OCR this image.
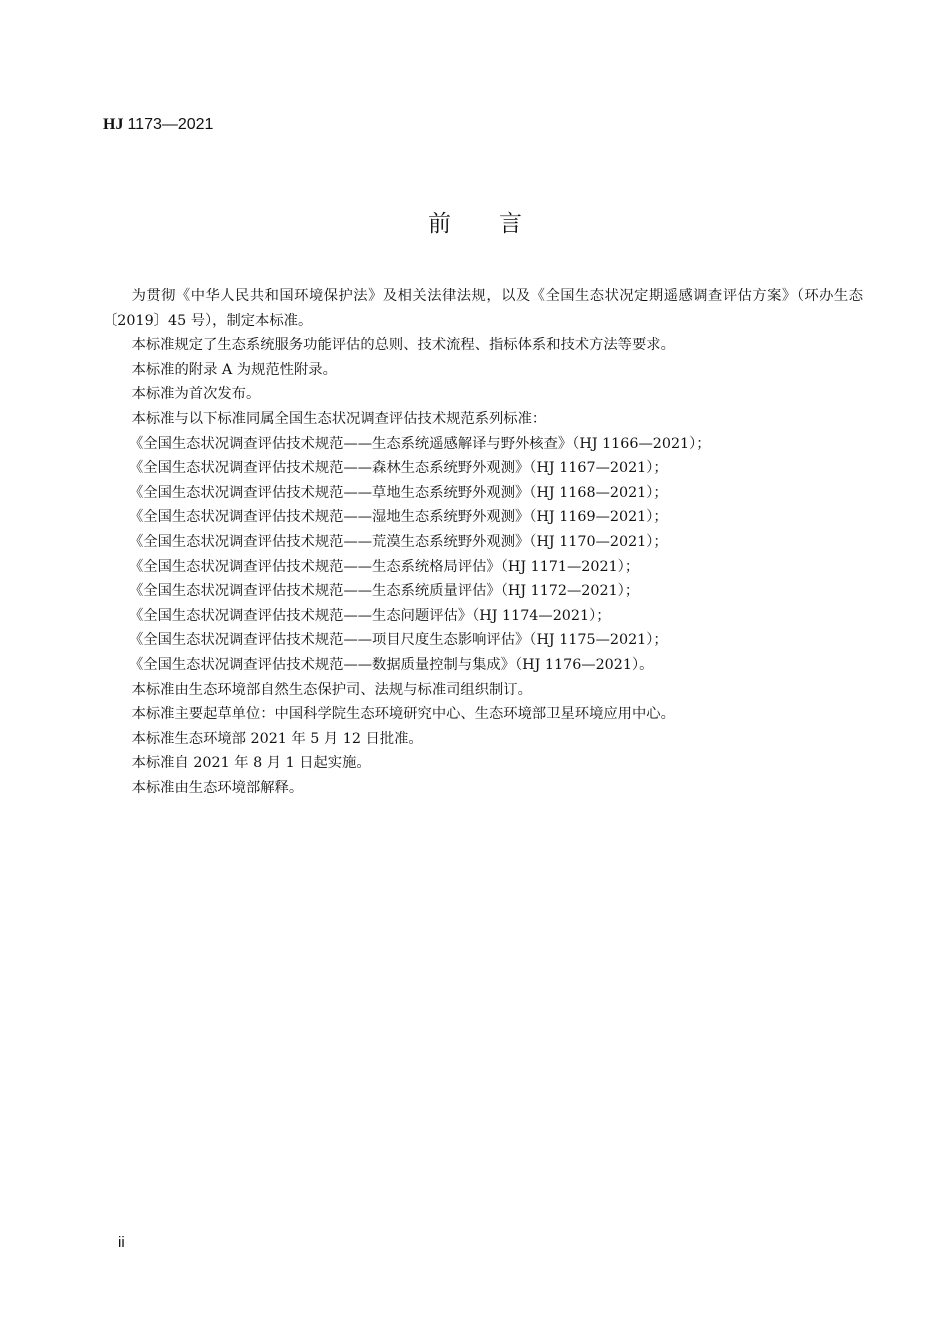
HJ 1173—2021
前言

为贯彻《中华人民共和国环境保护法》及相关法律法规，以及《全国生态状况定期遥感调查评估方案》（环办生态〔2019〕45 号），制定本标准。

本标准规定了生态系统服务功能评估的总则、技术流程、指标体系和技术方法等要求。

本标准的附录 A 为规范性附录。

本标准为首次发布。

本标准与以下标准同属全国生态状况调查评估技术规范系列标准：

《全国生态状况调查评估技术规范——生态系统遥感解译与野外核查》（HJ 1166—2021）；
《全国生态状况调查评估技术规范——森林生态系统野外观测》（HJ 1167—2021）；
《全国生态状况调查评估技术规范——草地生态系统野外观测》（HJ 1168—2021）；
《全国生态状况调查评估技术规范——湿地生态系统野外观测》（HJ 1169—2021）；
《全国生态状况调查评估技术规范——荒漠生态系统野外观测》（HJ 1170—2021）；
《全国生态状况调查评估技术规范——生态系统格局评估》（HJ 1171—2021）；
《全国生态状况调查评估技术规范——生态系统质量评估》（HJ 1172—2021）；
《全国生态状况调查评估技术规范——生态问题评估》（HJ 1174—2021）；
《全国生态状况调查评估技术规范——项目尺度生态影响评估》（HJ 1175—2021）；
《全国生态状况调查评估技术规范——数据质量控制与集成》（HJ 1176—2021）。

本标准由生态环境部自然生态保护司、法规与标准司组织制订。

本标准主要起草单位：中国科学院生态环境研究中心、生态环境部卫星环境应用中心。

本标准生态环境部 2021 年 5 月 12 日批准。

本标准自 2021 年 8 月 1 日起实施。

本标准由生态环境部解释。

ii
